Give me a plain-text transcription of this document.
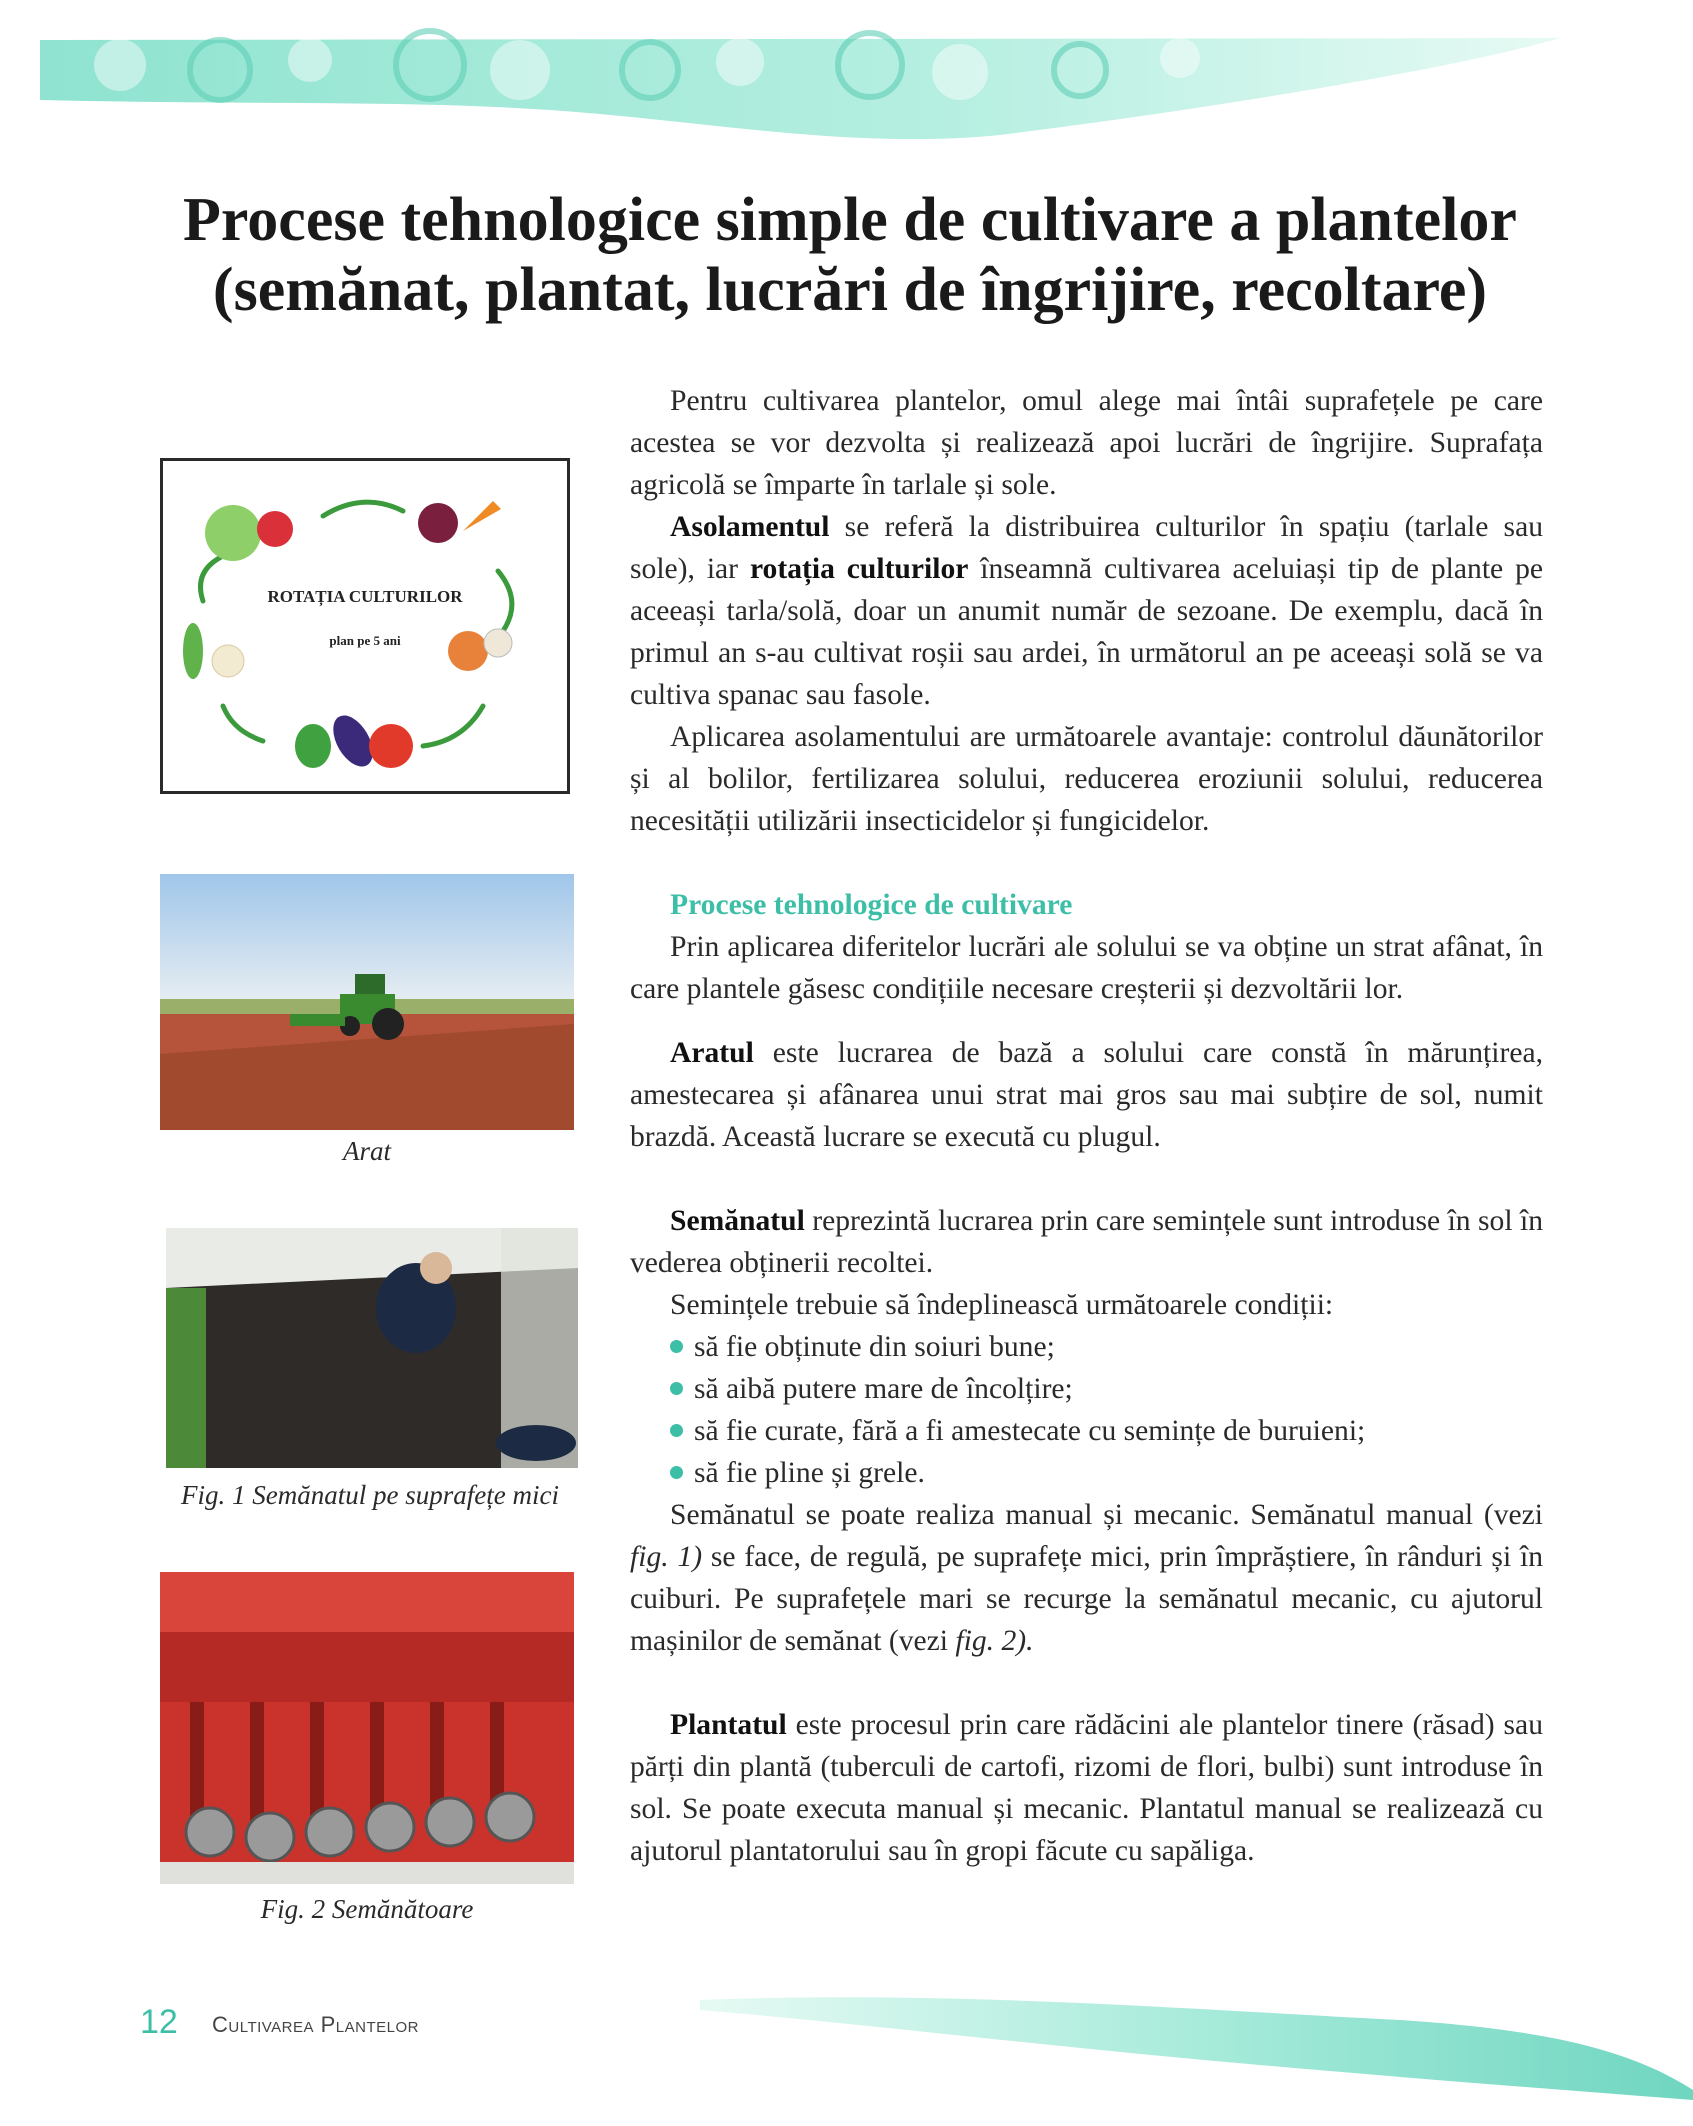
Procese tehnologice simple de cultivare a plantelor
(semănat, plantat, lucrări de îngrijire, recoltare)
ROTAȚIA CULTURILOR
plan pe 5 ani
Arat
Fig. 1 Semănatul pe suprafețe mici
Fig. 2 Semănătoare

Pentru cultivarea plantelor, omul alege mai întâi suprafețele pe care acestea se vor dezvolta și realizează apoi lucrări de îngrijire. Suprafața agricolă se împarte în tarlale și sole.

Asolamentul se referă la distribuirea culturilor în spațiu (tarlale sau sole), iar rotația culturilor înseamnă cultivarea aceluiași tip de plante pe aceeași tarla/solă, doar un anumit număr de sezoane. De exemplu, dacă în primul an s-au cultivat roșii sau ardei, în următorul an pe aceeași solă se va cultiva spanac sau fasole.

Aplicarea asolamentului are următoarele avantaje: controlul dăunătorilor și al bolilor, fertilizarea solului, reducerea eroziunii solului, reducerea necesității utilizării insecticidelor și fungicidelor.

Procese tehnologice de cultivare

Prin aplicarea diferitelor lucrări ale solului se va obține un strat afânat, în care plantele găsesc condițiile necesare creșterii și dezvoltării lor.

Aratul este lucrarea de bază a solului care constă în mărunțirea, amestecarea și afânarea unui strat mai gros sau mai subțire de sol, numit brazdă. Această lucrare se execută cu plugul.

Semănatul reprezintă lucrarea prin care semințele sunt introduse în sol în vederea obținerii recoltei.

Semințele trebuie să îndeplinească următoarele condiții:

să fie obținute din soiuri bune;
să aibă putere mare de încolțire;
să fie curate, fără a fi amestecate cu semințe de buruieni;
să fie pline și grele.

Semănatul se poate realiza manual și mecanic. Semănatul manual (vezi fig. 1) se face, de regulă, pe suprafețe mici, prin împrăștiere, în rânduri și în cuiburi. Pe suprafețele mari se recurge la semănatul mecanic, cu ajutorul mașinilor de semănat (vezi fig. 2).

Plantatul este procesul prin care rădăcini ale plantelor tinere (răsad) sau părți din plantă (tuberculi de cartofi, rizomi de flori, bulbi) sunt introduse în sol. Se poate executa manual și mecanic. Plantatul manual se realizează cu ajutorul plantatorului sau în gropi făcute cu sapăliga.

12 Cultivarea Plantelor
